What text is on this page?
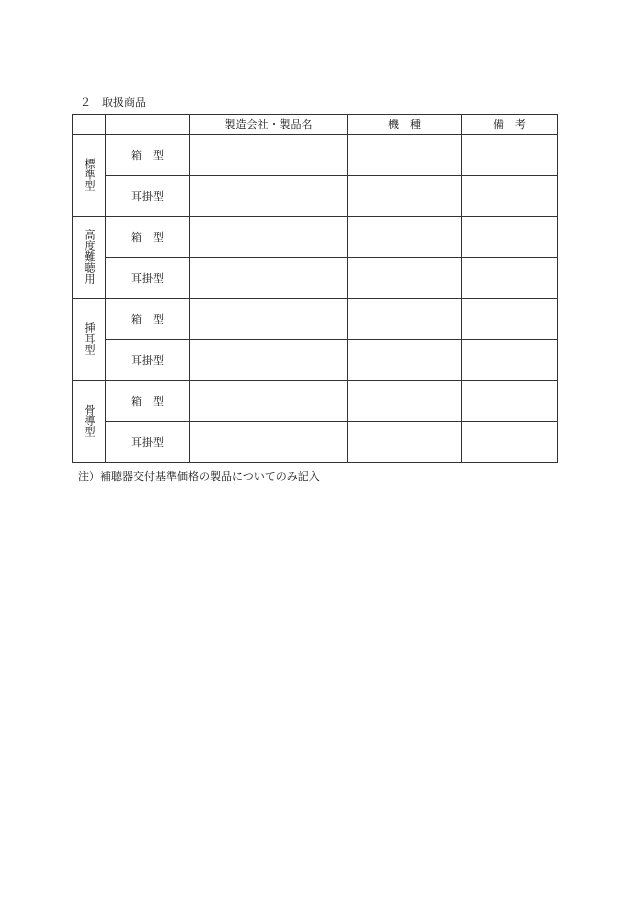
２　取扱商品
		製造会社・製品名	機　種	備　考
標準型	箱　型			
	耳掛型			
高度難聴用	箱　型			
	耳掛型			
挿耳型	箱　型			
	耳掛型			
骨導型	箱　型			
	耳掛型			
注）補聴器交付基準価格の製品についてのみ記入
